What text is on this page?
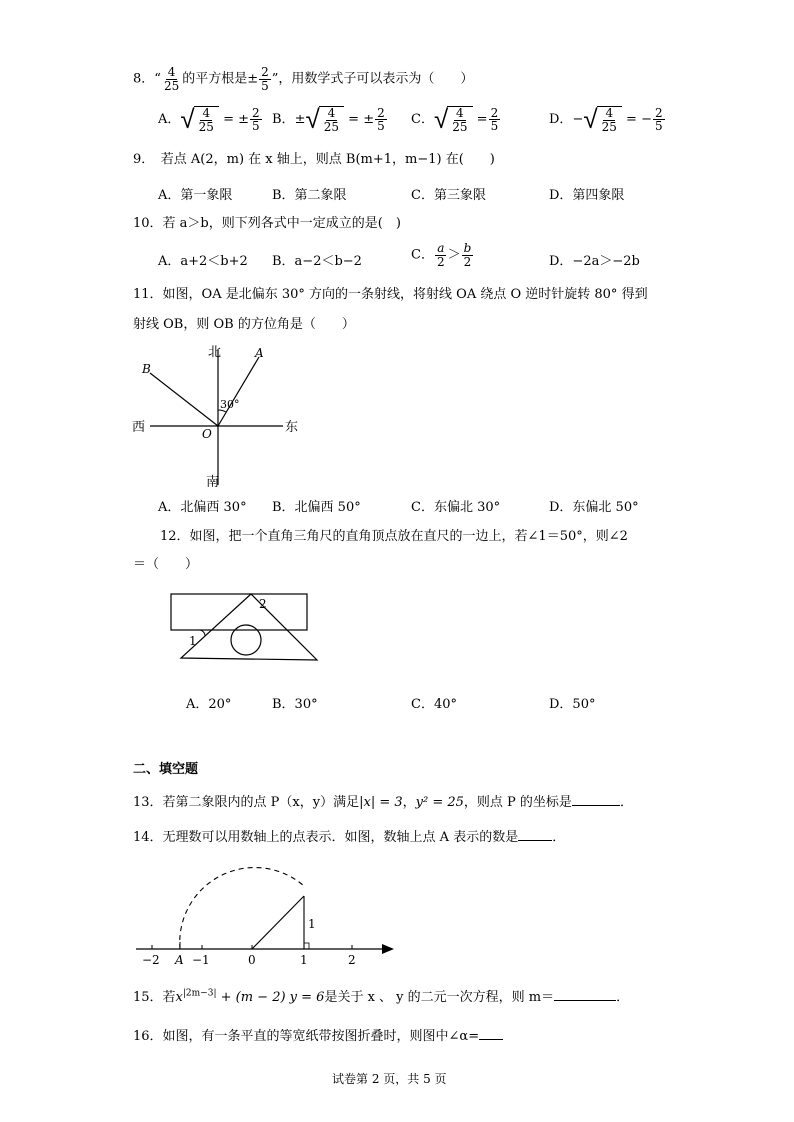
8．“ $\frac{4}{25}$ 的平方根是± $\frac{2}{5}$ ”，用数学式子可以表示为（　　）
A． √ $\frac{4}{25}$ = ± $\frac{2}{5}$ B．± √ $\frac{4}{25}$ = ± $\frac{2}{5}$ C． √ $\frac{4}{25} = \frac{2}{5}$	D．− √ $\frac{4}{25}$ = − $\frac{2}{5}$
9．　若点 A(2，m) 在 x 轴上，则点 B(m+1，m−1) 在(　　)
A．第一象限	B．第二象限	C．第三象限	D．第四象限
10．若 a＞b，则下列各式中一定成立的是(　)
A．a+2＜b+2 B．a−2＜b−2	C． $\frac{a}{2} > \frac{b}{2}$	D．−2a＞−2b
11．如图，OA 是北偏东 30° 方向的一条射线，将射线 OA 绕点 O 逆时针旋转 80° 得到
射线 OB，则 OB 的方位角是（　　）
北
南
西	东
A
B
O
30°
A．北偏西 30° B．北偏西 50°	C．东偏北 30°	D．东偏北 50°
12．如图，把一个直角三角尺的直角顶点放在直尺的一边上，若∠1＝50°，则∠2
＝（　　）
1
2
A．20°	B．30°	C．40°	D．50°
二、填空题
13．若第二象限内的点 P（x，y）满足|x| = 3，y² = 25，则点 P 的坐标是	．
14．无理数可以用数轴上的点表示．如图，数轴上点 A 表示的数是	．
1
−2 A −1	0	1	2
15．若$x^{|2m-3|} + (m - 2) y = 6$是关于 x 、 y 的二元一次方程，则 m＝	．
16．如图，有一条平直的等宽纸带按图折叠时，则图中∠α=
试卷第 2 页，共 5 页
